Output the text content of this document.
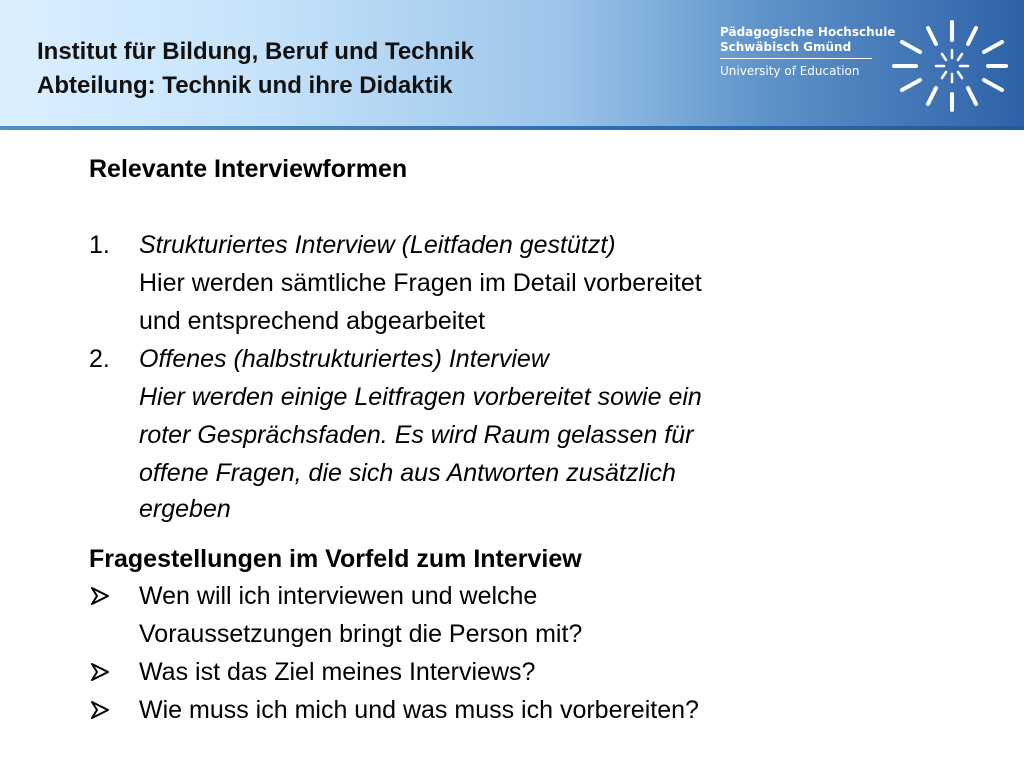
Institut für Bildung, Beruf und Technik
Abteilung: Technik und ihre Didaktik
Pädagogische Hochschule
Schwäbisch Gmünd
University of Education
Relevante Interviewformen
1. Strukturiertes Interview (Leitfaden gestützt)
Hier werden sämtliche Fragen im Detail vorbereitet
und entsprechend abgearbeitet
2. Offenes (halbstrukturiertes) Interview
Hier werden einige Leitfragen vorbereitet sowie ein
roter Gesprächsfaden. Es wird Raum gelassen für
offene Fragen, die sich aus Antworten zusätzlich
ergeben
Fragestellungen im Vorfeld zum Interview
Wen will ich interviewen und welche
Voraussetzungen bringt die Person mit?
Was ist das Ziel meines Interviews?
Wie muss ich mich und was muss ich vorbereiten?
